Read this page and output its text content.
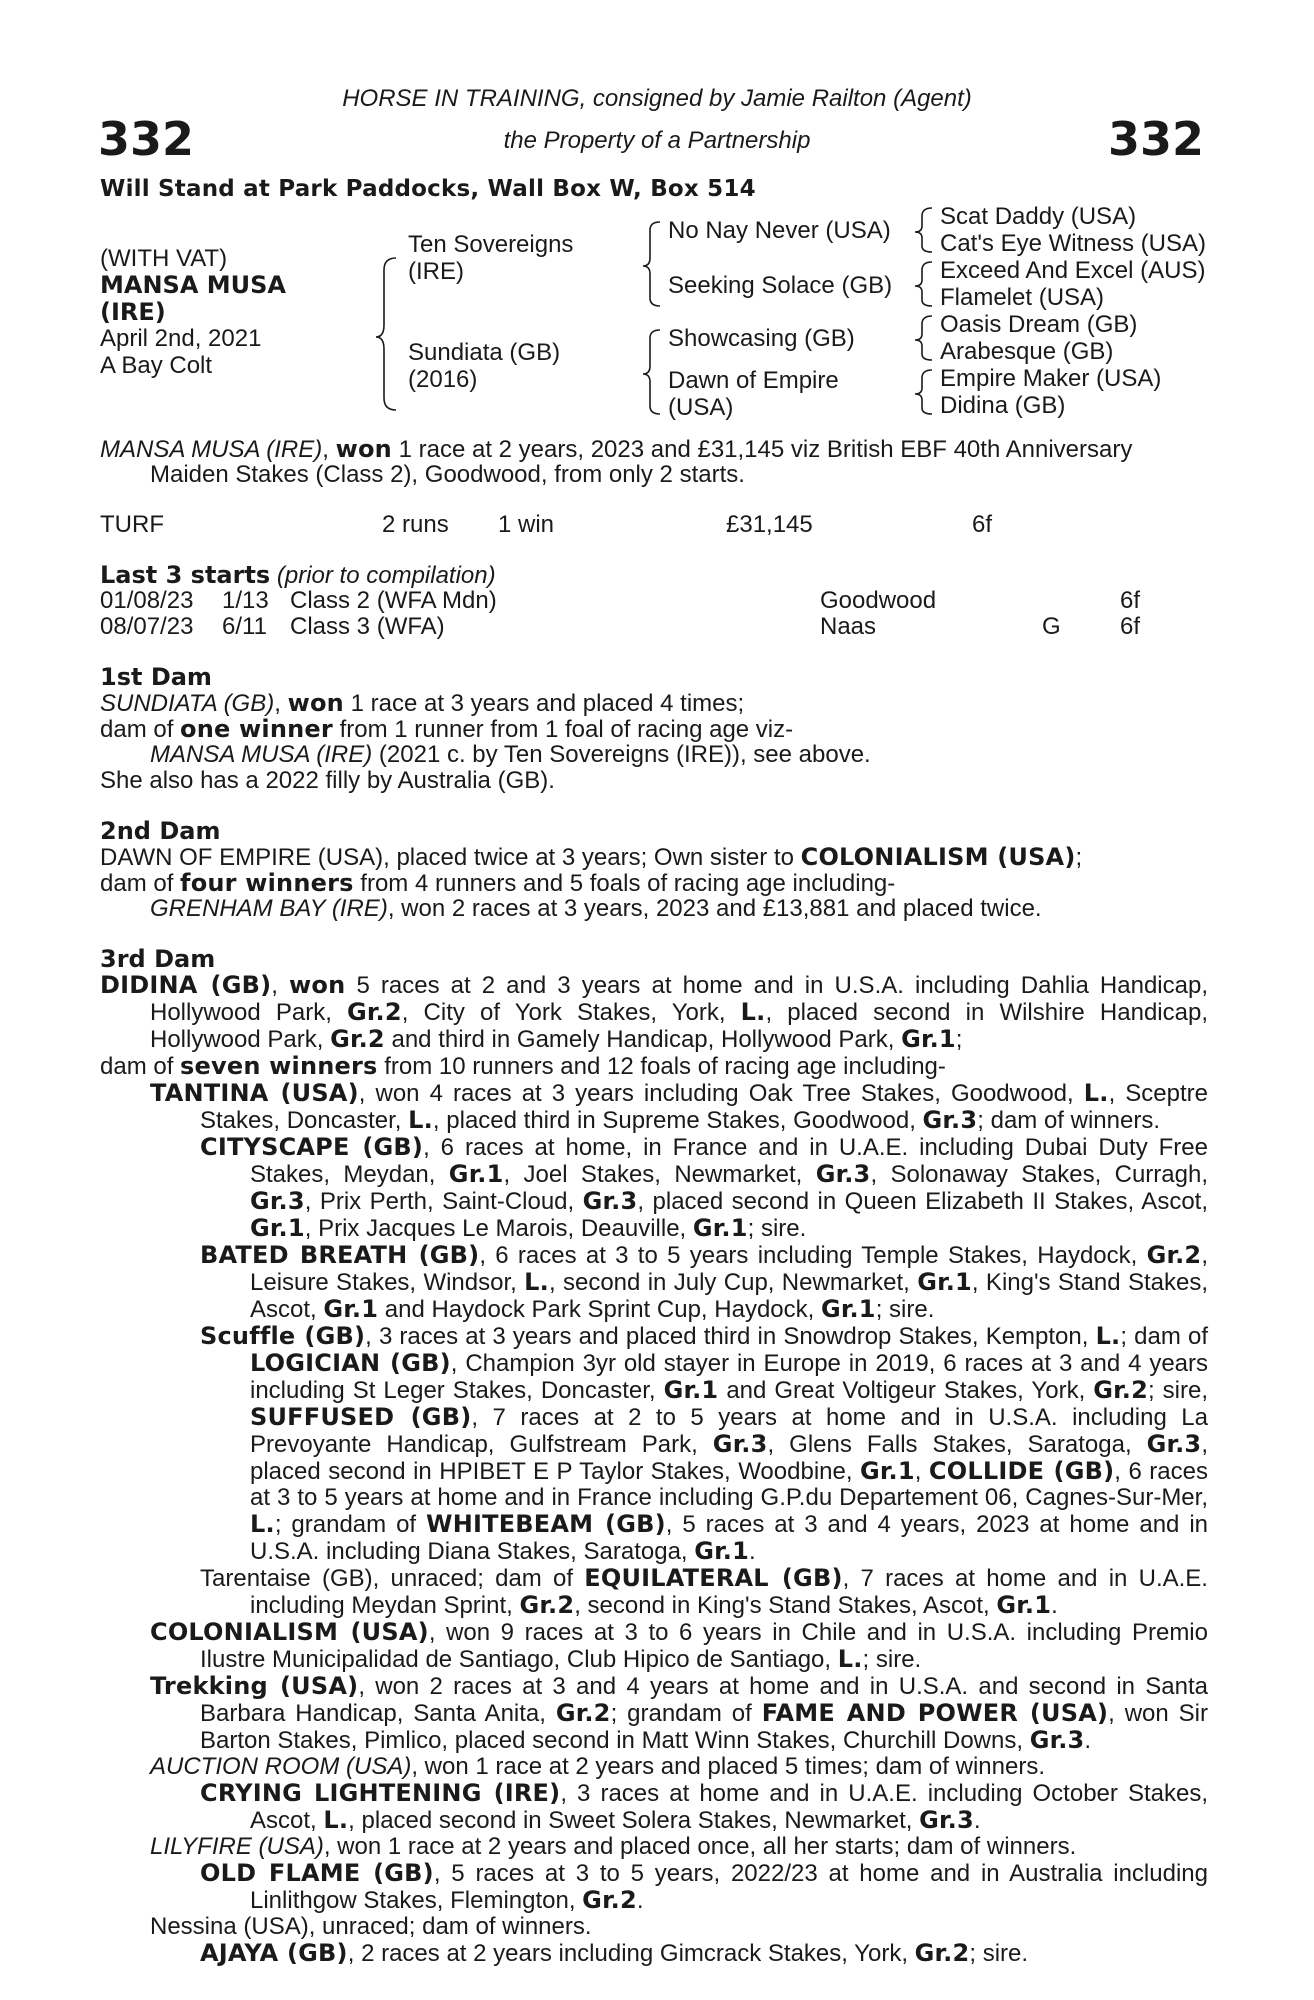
332	332
HORSE IN TRAINING, consigned by Jamie Railton (Agent)
the Property of a Partnership
Will Stand at Park Paddocks, Wall Box W, Box 514
(WITH VAT)
MANSA MUSA
(IRE)
April 2nd, 2021
A Bay Colt
Ten Sovereigns
(IRE)
Sundiata (GB)
(2016)
No Nay Never (USA)
Seeking Solace (GB)
Showcasing (GB)
Dawn of Empire
(USA)
Scat Daddy (USA)
Cat's Eye Witness (USA)
Exceed And Excel (AUS)
Flamelet (USA)
Oasis Dream (GB)
Arabesque (GB)
Empire Maker (USA)
Didina (GB)
MANSA MUSA (IRE), won 1 race at 2 years, 2023 and £31,145 viz British EBF 40th Anniversary
Maiden Stakes (Class 2), Goodwood, from only 2 starts.
TURF	2 runs 1 win	£31,145	6f
Last 3 starts (prior to compilation)
01/08/23 1/13 Class 2 (WFA Mdn)	Goodwood	6f
08/07/23 6/11 Class 3 (WFA)	Naas	G 6f
1st Dam
SUNDIATA (GB), won 1 race at 3 years and placed 4 times;
dam of one winner from 1 runner from 1 foal of racing age viz-
MANSA MUSA (IRE) (2021 c. by Ten Sovereigns (IRE)), see above.
She also has a 2022 filly by Australia (GB).
2nd Dam
DAWN OF EMPIRE (USA), placed twice at 3 years; Own sister to COLONIALISM (USA);
dam of four winners from 4 runners and 5 foals of racing age including-
GRENHAM BAY (IRE), won 2 races at 3 years, 2023 and £13,881 and placed twice.
3rd Dam

DIDINA (GB), won 5 races at 2 and 3 years at home and in U.S.A. including Dahlia Handicap, Hollywood Park, Gr.2, City of York Stakes, York, L., placed second in Wilshire Handicap, Hollywood Park, Gr.2 and third in Gamely Handicap, Hollywood Park, Gr.1;

dam of seven winners from 10 runners and 12 foals of racing age including-

TANTINA (USA), won 4 races at 3 years including Oak Tree Stakes, Goodwood, L., Sceptre Stakes, Doncaster, L., placed third in Supreme Stakes, Goodwood, Gr.3; dam of winners.

CITYSCAPE (GB), 6 races at home, in France and in U.A.E. including Dubai Duty Free Stakes, Meydan, Gr.1, Joel Stakes, Newmarket, Gr.3, Solonaway Stakes, Curragh, Gr.3, Prix Perth, Saint-Cloud, Gr.3, placed second in Queen Elizabeth II Stakes, Ascot, Gr.1, Prix Jacques Le Marois, Deauville, Gr.1; sire.

BATED BREATH (GB), 6 races at 3 to 5 years including Temple Stakes, Haydock, Gr.2, Leisure Stakes, Windsor, L., second in July Cup, Newmarket, Gr.1, King's Stand Stakes, Ascot, Gr.1 and Haydock Park Sprint Cup, Haydock, Gr.1; sire.

Scuffle (GB), 3 races at 3 years and placed third in Snowdrop Stakes, Kempton, L.; dam of LOGICIAN (GB), Champion 3yr old stayer in Europe in 2019, 6 races at 3 and 4 years including St Leger Stakes, Doncaster, Gr.1 and Great Voltigeur Stakes, York, Gr.2; sire, SUFFUSED (GB), 7 races at 2 to 5 years at home and in U.S.A. including La Prevoyante Handicap, Gulfstream Park, Gr.3, Glens Falls Stakes, Saratoga, Gr.3, placed second in HPIBET E P Taylor Stakes, Woodbine, Gr.1, COLLIDE (GB), 6 races at 3 to 5 years at home and in France including G.P.du Departement 06, Cagnes-Sur-Mer, L.; grandam of WHITEBEAM (GB), 5 races at 3 and 4 years, 2023 at home and in U.S.A. including Diana Stakes, Saratoga, Gr.1.

Tarentaise (GB), unraced; dam of EQUILATERAL (GB), 7 races at home and in U.A.E. including Meydan Sprint, Gr.2, second in King's Stand Stakes, Ascot, Gr.1.

COLONIALISM (USA), won 9 races at 3 to 6 years in Chile and in U.S.A. including Premio Ilustre Municipalidad de Santiago, Club Hipico de Santiago, L.; sire.

Trekking (USA), won 2 races at 3 and 4 years at home and in U.S.A. and second in Santa Barbara Handicap, Santa Anita, Gr.2; grandam of FAME AND POWER (USA), won Sir Barton Stakes, Pimlico, placed second in Matt Winn Stakes, Churchill Downs, Gr.3.

AUCTION ROOM (USA), won 1 race at 2 years and placed 5 times; dam of winners.

CRYING LIGHTENING (IRE), 3 races at home and in U.A.E. including October Stakes, Ascot, L., placed second in Sweet Solera Stakes, Newmarket, Gr.3.

LILYFIRE (USA), won 1 race at 2 years and placed once, all her starts; dam of winners.

OLD FLAME (GB), 5 races at 3 to 5 years, 2022/23 at home and in Australia including Linlithgow Stakes, Flemington, Gr.2.

Nessina (USA), unraced; dam of winners.

AJAYA (GB), 2 races at 2 years including Gimcrack Stakes, York, Gr.2; sire.
